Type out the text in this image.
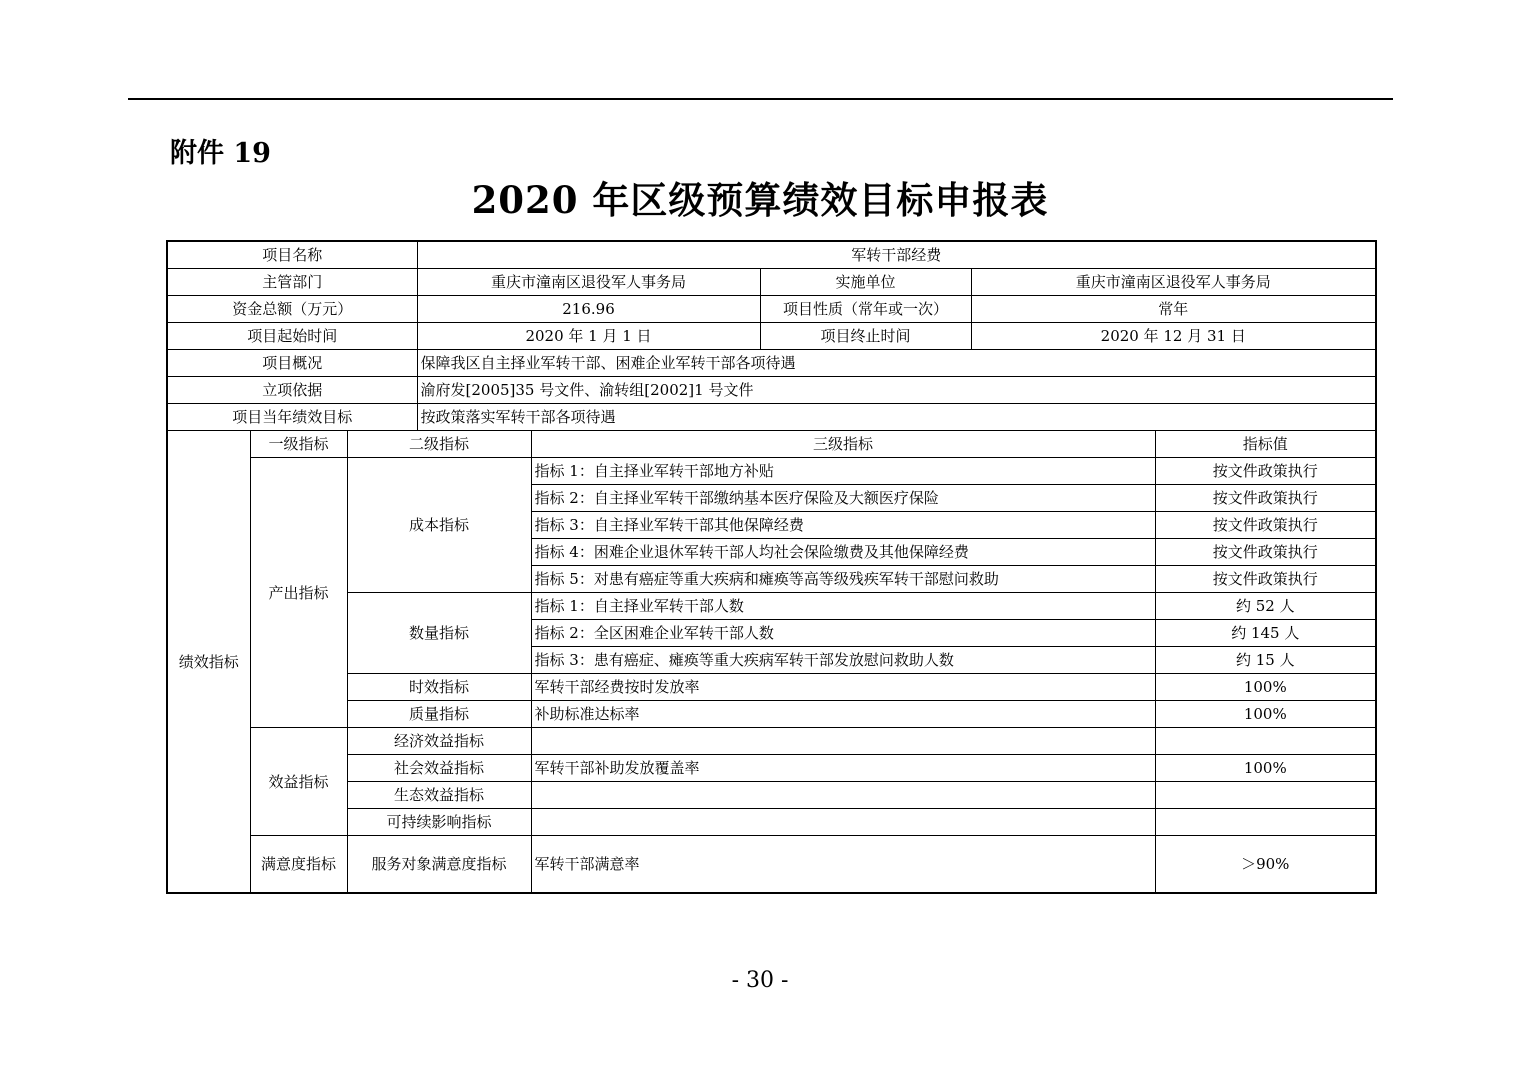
附件 19
2020 年区级预算绩效目标申报表
项目名称			军转干部经费				
主管部门			重庆市潼南区退役军人事务局		实施单位	重庆市潼南区退役军人事务局	
资金总额（万元）			216.96		项目性质（常年或一次）	常年	
项目起始时间			2020 年 1 月 1 日		项目终止时间	2020 年 12 月 31 日	
项目概况			保障我区自主择业军转干部、困难企业军转干部各项待遇				
立项依据			渝府发[2005]35 号文件、渝转组[2002]1 号文件				
项目当年绩效目标			按政策落实军转干部各项待遇				
绩效指标	一级指标	二级指标		三级指标			指标值
	产出指标	成本指标		指标 1：自主择业军转干部地方补贴			按文件政策执行
				指标 2：自主择业军转干部缴纳基本医疗保险及大额医疗保险			按文件政策执行
				指标 3：自主择业军转干部其他保障经费			按文件政策执行
				指标 4：困难企业退休军转干部人均社会保险缴费及其他保障经费			按文件政策执行
				指标 5：对患有癌症等重大疾病和瘫痪等高等级残疾军转干部慰问救助			按文件政策执行
		数量指标		指标 1：自主择业军转干部人数			约 52 人
				指标 2：全区困难企业军转干部人数			约 145 人
				指标 3：患有癌症、瘫痪等重大疾病军转干部发放慰问救助人数			约 15 人
		时效指标		军转干部经费按时发放率			100%
		质量指标		补助标准达标率			100%
	效益指标	经济效益指标					
		社会效益指标		军转干部补助发放覆盖率			100%
		生态效益指标					
		可持续影响指标					
	满意度指标	服务对象满意度指标		军转干部满意率			＞90%
- 30 -
